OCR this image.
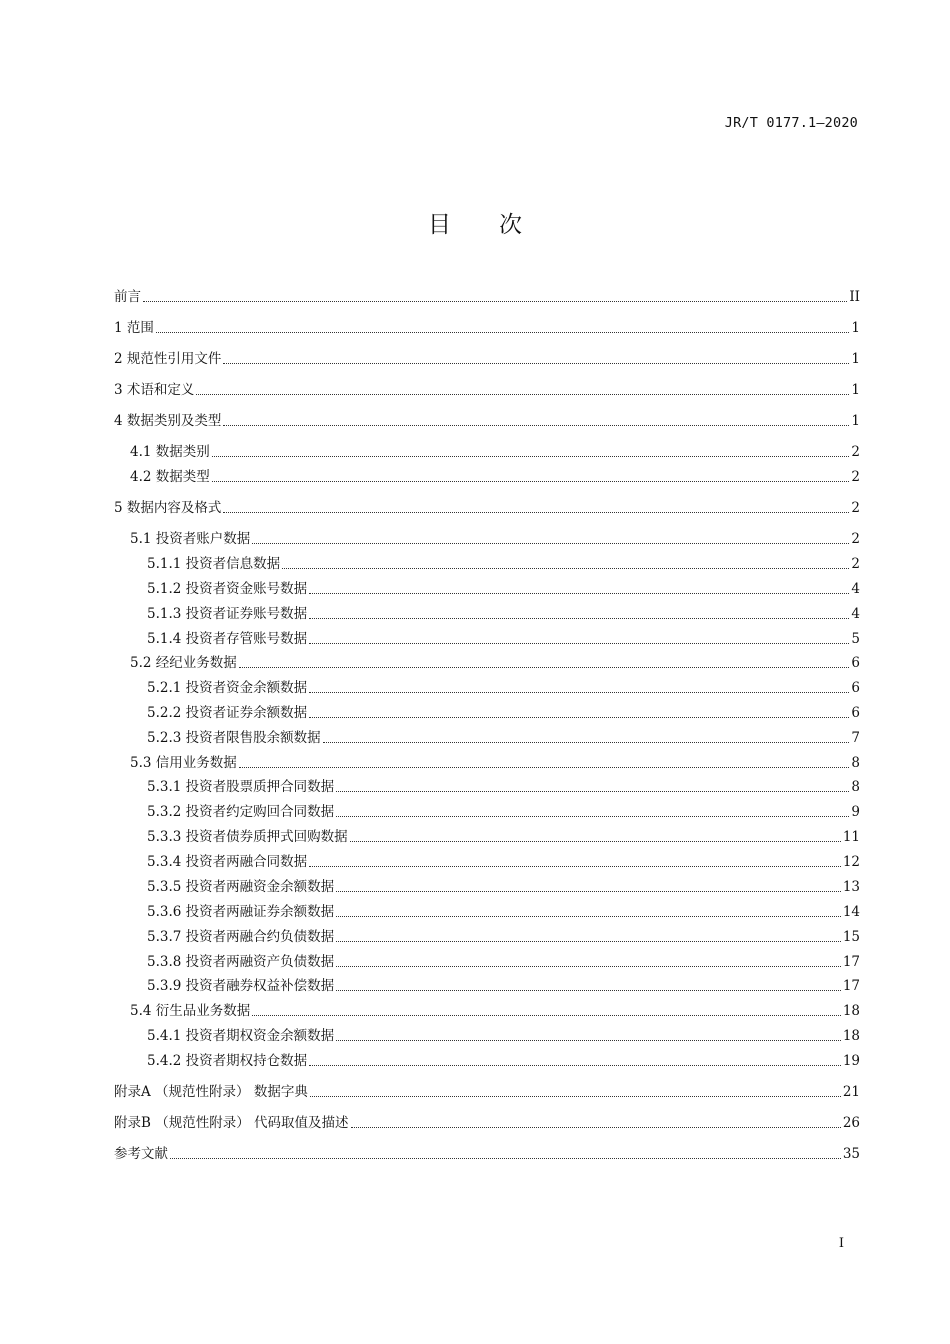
JR/T 0177.1—2020
目 次
前言	II
1 范围	1
2 规范性引用文件	1
3 术语和定义	1
4 数据类别及类型	1
4.1 数据类别	2
4.2 数据类型	2
5 数据内容及格式	2
5.1 投资者账户数据	2
5.1.1 投资者信息数据	2
5.1.2 投资者资金账号数据	4
5.1.3 投资者证券账号数据	4
5.1.4 投资者存管账号数据	5
5.2 经纪业务数据	6
5.2.1 投资者资金余额数据	6
5.2.2 投资者证券余额数据	6
5.2.3 投资者限售股余额数据	7
5.3 信用业务数据	8
5.3.1 投资者股票质押合同数据	8
5.3.2 投资者约定购回合同数据	9
5.3.3 投资者债券质押式回购数据	11
5.3.4 投资者两融合同数据	12
5.3.5 投资者两融资金余额数据	13
5.3.6 投资者两融证券余额数据	14
5.3.7 投资者两融合约负债数据	15
5.3.8 投资者两融资产负债数据	17
5.3.9 投资者融券权益补偿数据	17
5.4 衍生品业务数据	18
5.4.1 投资者期权资金余额数据	18
5.4.2 投资者期权持仓数据	19
附录A （规范性附录） 数据字典	21
附录B （规范性附录） 代码取值及描述	26
参考文献	35
I
